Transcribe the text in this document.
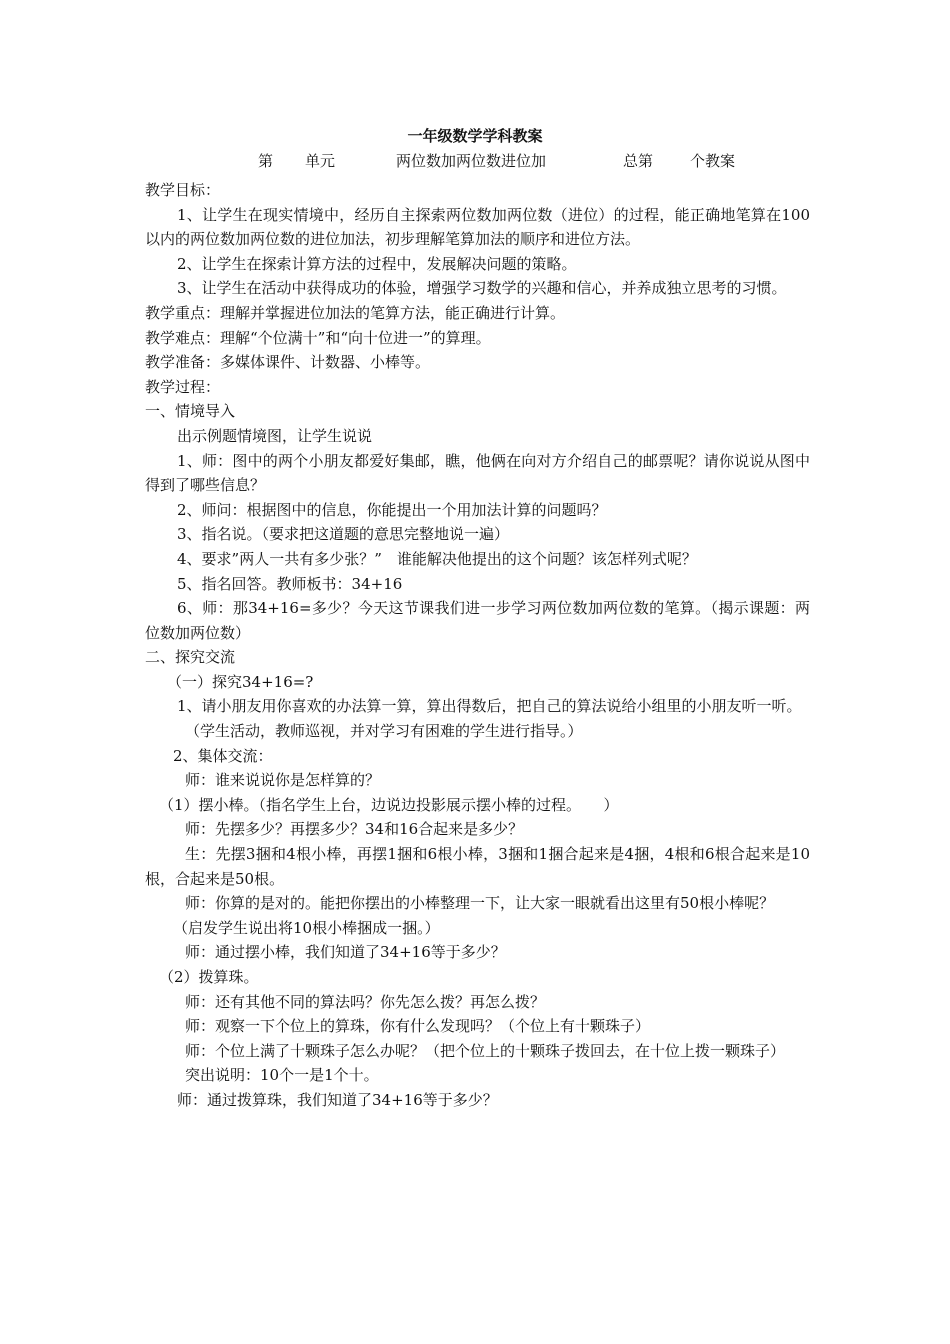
一年级数学学科教案
第 单元	两位数加两位数进位加	总第 个教案

教学目标：

1、让学生在现实情境中，经历自主探索两位数加两位数（进位）的过程，能正确地笔算在100以内的两位数加两位数的进位加法，初步理解笔算加法的顺序和进位方法。

2、让学生在探索计算方法的过程中，发展解决问题的策略。

3、让学生在活动中获得成功的体验，增强学习数学的兴趣和信心，并养成独立思考的习惯。

教学重点：理解并掌握进位加法的笔算方法，能正确进行计算。

教学难点：理解“个位满十”和“向十位进一”的算理。

教学准备：多媒体课件、计数器、小棒等。

教学过程：

一、情境导入

出示例题情境图，让学生说说

1、师：图中的两个小朋友都爱好集邮，瞧，他俩在向对方介绍自己的邮票呢？请你说说从图中得到了哪些信息？

2、师问：根据图中的信息，你能提出一个用加法计算的问题吗？

3、指名说。（要求把这道题的意思完整地说一遍）

4、要求”两人一共有多少张？”　谁能解决他提出的这个问题？该怎样列式呢？

5、指名回答。教师板书：34+16

6、师：那34+16=多少？今天这节课我们进一步学习两位数加两位数的笔算。（揭示课题：两位数加两位数）

二、探究交流

（一）探究34+16=?

1、请小朋友用你喜欢的办法算一算，算出得数后，把自己的算法说给小组里的小朋友听一听。

（学生活动，教师巡视，并对学习有困难的学生进行指导。）

2、集体交流：

师：谁来说说你是怎样算的？

（1）摆小棒。（指名学生上台，边说边投影展示摆小棒的过程。　　）

师：先摆多少？再摆多少？34和16合起来是多少？

生：先摆3捆和4根小棒，再摆1捆和6根小棒，3捆和1捆合起来是4捆，4根和6根合起来是10根，合起来是50根。

师：你算的是对的。能把你摆出的小棒整理一下，让大家一眼就看出这里有50根小棒呢？

（启发学生说出将10根小棒捆成一捆。）

师：通过摆小棒，我们知道了34+16等于多少？

（2）拨算珠。

师：还有其他不同的算法吗？你先怎么拨？再怎么拨？

师：观察一下个位上的算珠，你有什么发现吗？（个位上有十颗珠子）

师：个位上满了十颗珠子怎么办呢？（把个位上的十颗珠子拨回去，在十位上拨一颗珠子）

突出说明：10个一是1个十。

师：通过拨算珠，我们知道了34+16等于多少？
